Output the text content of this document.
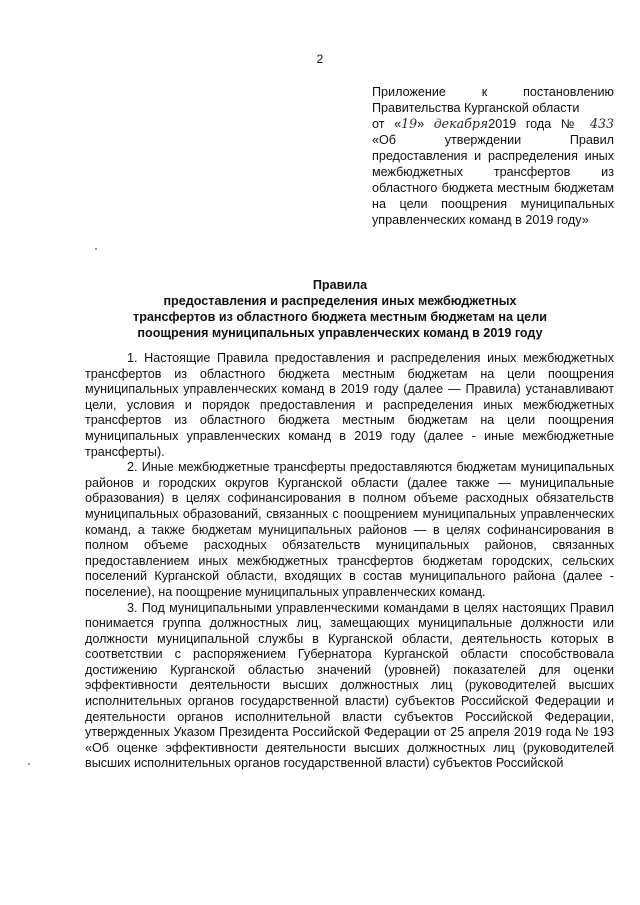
2
Приложение к постановлению
Правительства Курганской области
от «19» декабря2019 года № 433
«Об утверждении Правил предоставления и распределения иных межбюджетных трансфертов из областного бюджета местным бюджетам на цели поощрения муниципальных управленческих команд в 2019 году»
Правила
предоставления и распределения иных межбюджетных
трансфертов из областного бюджета местным бюджетам на цели
поощрения муниципальных управленческих команд в 2019 году

1. Настоящие Правила предоставления и распределения иных межбюджетных трансфертов из областного бюджета местным бюджетам на цели поощрения муниципальных управленческих команд в 2019 году (далее — Правила) устанавливают цели, условия и порядок предоставления и распределения иных межбюджетных трансфертов из областного бюджета местным бюджетам на цели поощрения муниципальных управленческих команд в 2019 году (далее - иные межбюджетные трансферты).

2. Иные межбюджетные трансферты предоставляются бюджетам муниципальных районов и городских округов Курганской области (далее также — муниципальные образования) в целях софинансирования в полном объеме расходных обязательств муниципальных образований, связанных с поощрением муниципальных управленческих команд, а также бюджетам муниципальных районов — в целях софинансирования в полном объеме расходных обязательств муниципальных районов, связанных предоставлением иных межбюджетных трансфертов бюджетам городских, сельских поселений Курганской области, входящих в состав муниципального района (далее - поселение), на поощрение муниципальных управленческих команд.

3. Под муниципальными управленческими командами в целях настоящих Правил понимается группа должностных лиц, замещающих муниципальные должности или должности муниципальной службы в Курганской области, деятельность которых в соответствии с распоряжением Губернатора Курганской области способствовала достижению Курганской областью значений (уровней) показателей для оценки эффективности деятельности высших должностных лиц (руководителей высших исполнительных органов государственной власти) субъектов Российской Федерации и деятельности органов исполнительной власти субъектов Российской Федерации, утвержденных Указом Президента Российской Федерации от 25 апреля 2019 года № 193 «Об оценке эффективности деятельности высших должностных лиц (руководителей высших исполнительных органов государственной власти) субъектов Российской
